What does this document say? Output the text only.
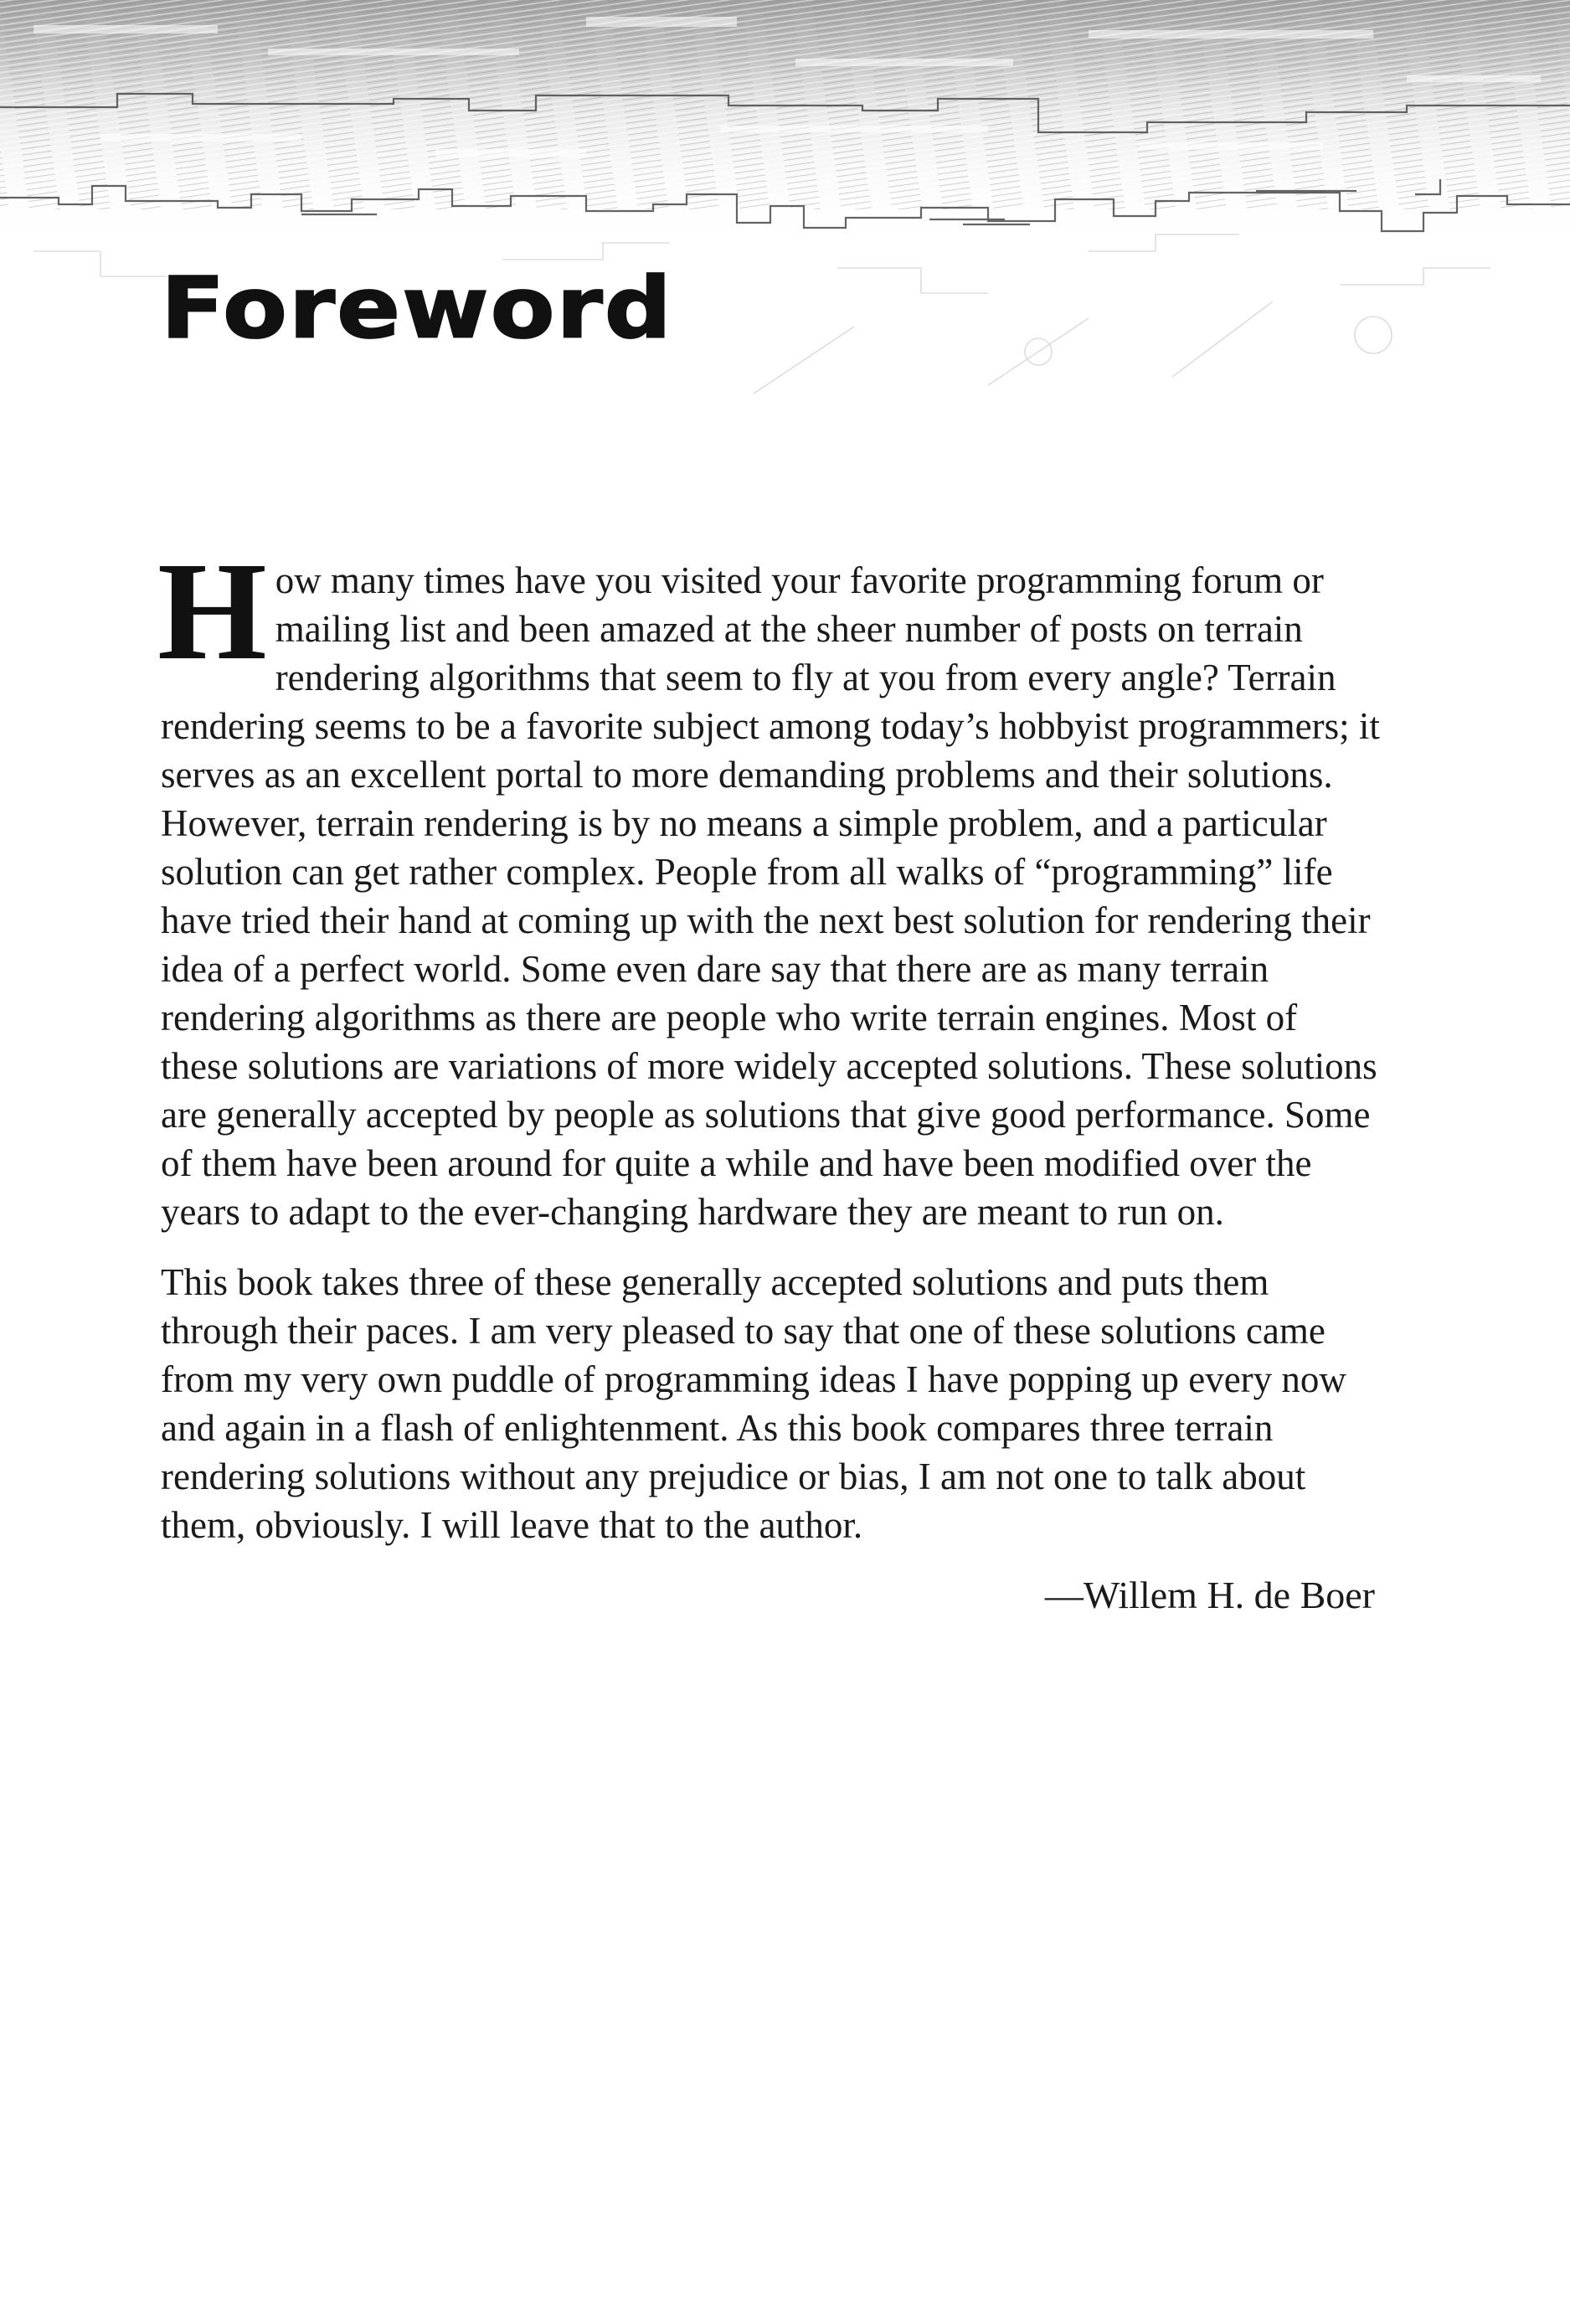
Foreword

How many times have you visited your favorite programming forum or mailing list and been amazed at the sheer number of posts on terrain rendering algorithms that seem to fly at you from every angle? Terrain rendering seems to be a favorite subject among today’s hobbyist programmers; it serves as an excellent portal to more demanding problems and their solutions. However, terrain rendering is by no means a simple problem, and a particular solution can get rather complex. People from all walks of “programming” life have tried their hand at coming up with the next best solution for rendering their idea of a perfect world. Some even dare say that there are as many terrain rendering algorithms as there are people who write terrain engines. Most of these solutions are variations of more widely accepted solutions. These solutions are generally accepted by people as solutions that give good performance. Some of them have been around for quite a while and have been modified over the years to adapt to the ever-changing hardware they are meant to run on.

This book takes three of these generally accepted solutions and puts them through their paces. I am very pleased to say that one of these solutions came from my very own puddle of programming ideas I have popping up every now and again in a flash of enlightenment. As this book compares three terrain rendering solutions without any prejudice or bias, I am not one to talk about them, obviously. I will leave that to the author.

—Willem H. de Boer
